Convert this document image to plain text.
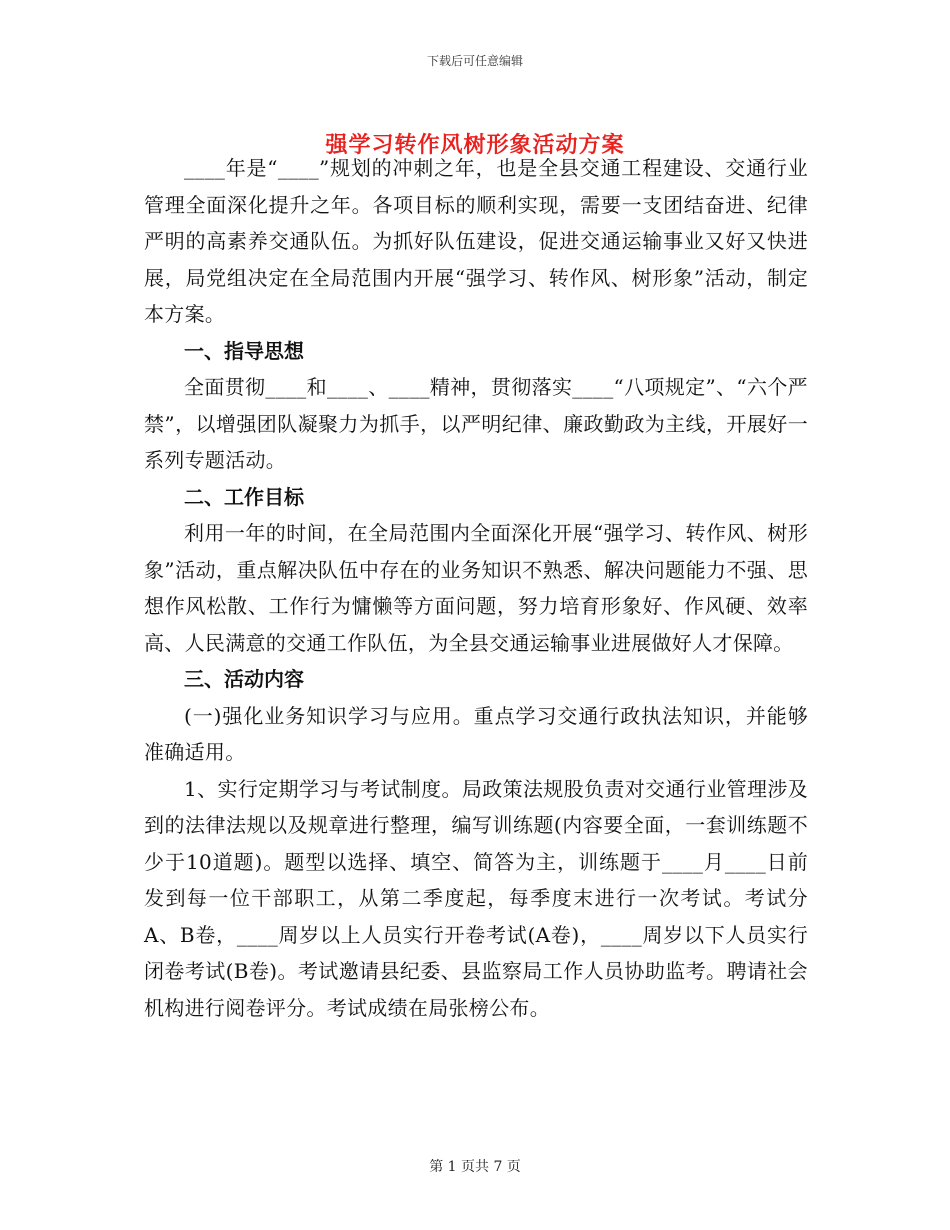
下载后可任意编辑
强学习转作风树形象活动方案

____年是“____”规划的冲刺之年，也是全县交通工程建设、交通行业管理全面深化提升之年。各项目标的顺利实现，需要一支团结奋进、纪律严明的高素养交通队伍。为抓好队伍建设，促进交通运输事业又好又快进展，局党组决定在全局范围内开展“强学习、转作风、树形象”活动，制定本方案。

一、指导思想

全面贯彻____和____、____精神，贯彻落实____“八项规定”、“六个严禁”，以增强团队凝聚力为抓手，以严明纪律、廉政勤政为主线，开展好一系列专题活动。

二、工作目标

利用一年的时间，在全局范围内全面深化开展“强学习、转作风、树形象”活动，重点解决队伍中存在的业务知识不熟悉、解决问题能力不强、思想作风松散、工作行为慵懒等方面问题，努力培育形象好、作风硬、效率高、人民满意的交通工作队伍，为全县交通运输事业进展做好人才保障。

三、活动内容

(一)强化业务知识学习与应用。重点学习交通行政执法知识，并能够准确适用。

1、实行定期学习与考试制度。局政策法规股负责对交通行业管理涉及到的法律法规以及规章进行整理，编写训练题(内容要全面，一套训练题不少于10道题)。题型以选择、填空、简答为主，训练题于____月____日前发到每一位干部职工，从第二季度起，每季度末进行一次考试。考试分A、B卷，____周岁以上人员实行开卷考试(A卷)，____周岁以下人员实行闭卷考试(B卷)。考试邀请县纪委、县监察局工作人员协助监考。聘请社会机构进行阅卷评分。考试成绩在局张榜公布。

第 1 页共 7 页
